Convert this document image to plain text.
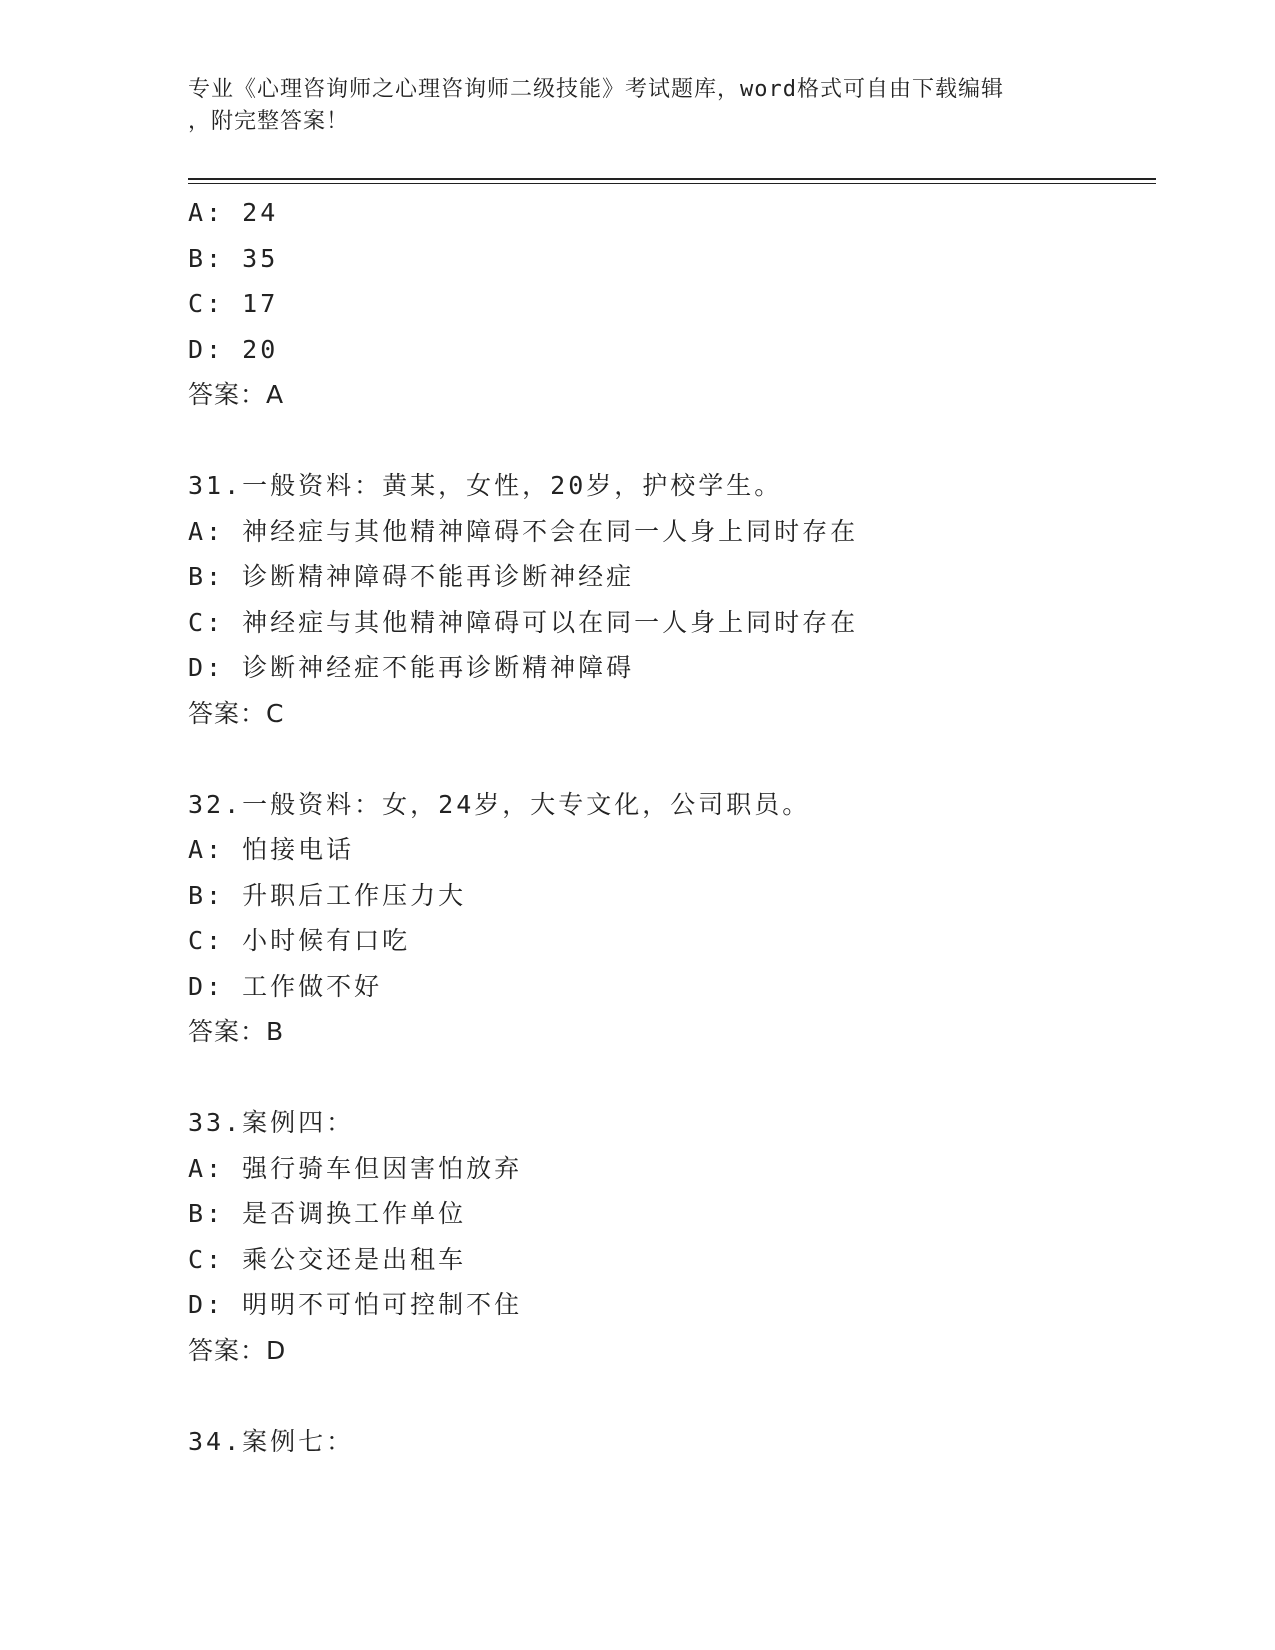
专业《心理咨询师之心理咨询师二级技能》考试题库，word格式可自由下载编辑
，附完整答案！
A: 24
B: 35
C: 17
D: 20
答案：A
31.一般资料：黄某，女性，20岁，护校学生。
A: 神经症与其他精神障碍不会在同一人身上同时存在
B: 诊断精神障碍不能再诊断神经症
C: 神经症与其他精神障碍可以在同一人身上同时存在
D: 诊断神经症不能再诊断精神障碍
答案：C
32.一般资料：女，24岁，大专文化，公司职员。
A: 怕接电话
B: 升职后工作压力大
C: 小时候有口吃
D: 工作做不好
答案：B
33.案例四：
A: 强行骑车但因害怕放弃
B: 是否调换工作单位
C: 乘公交还是出租车
D: 明明不可怕可控制不住
答案：D
34.案例七：
